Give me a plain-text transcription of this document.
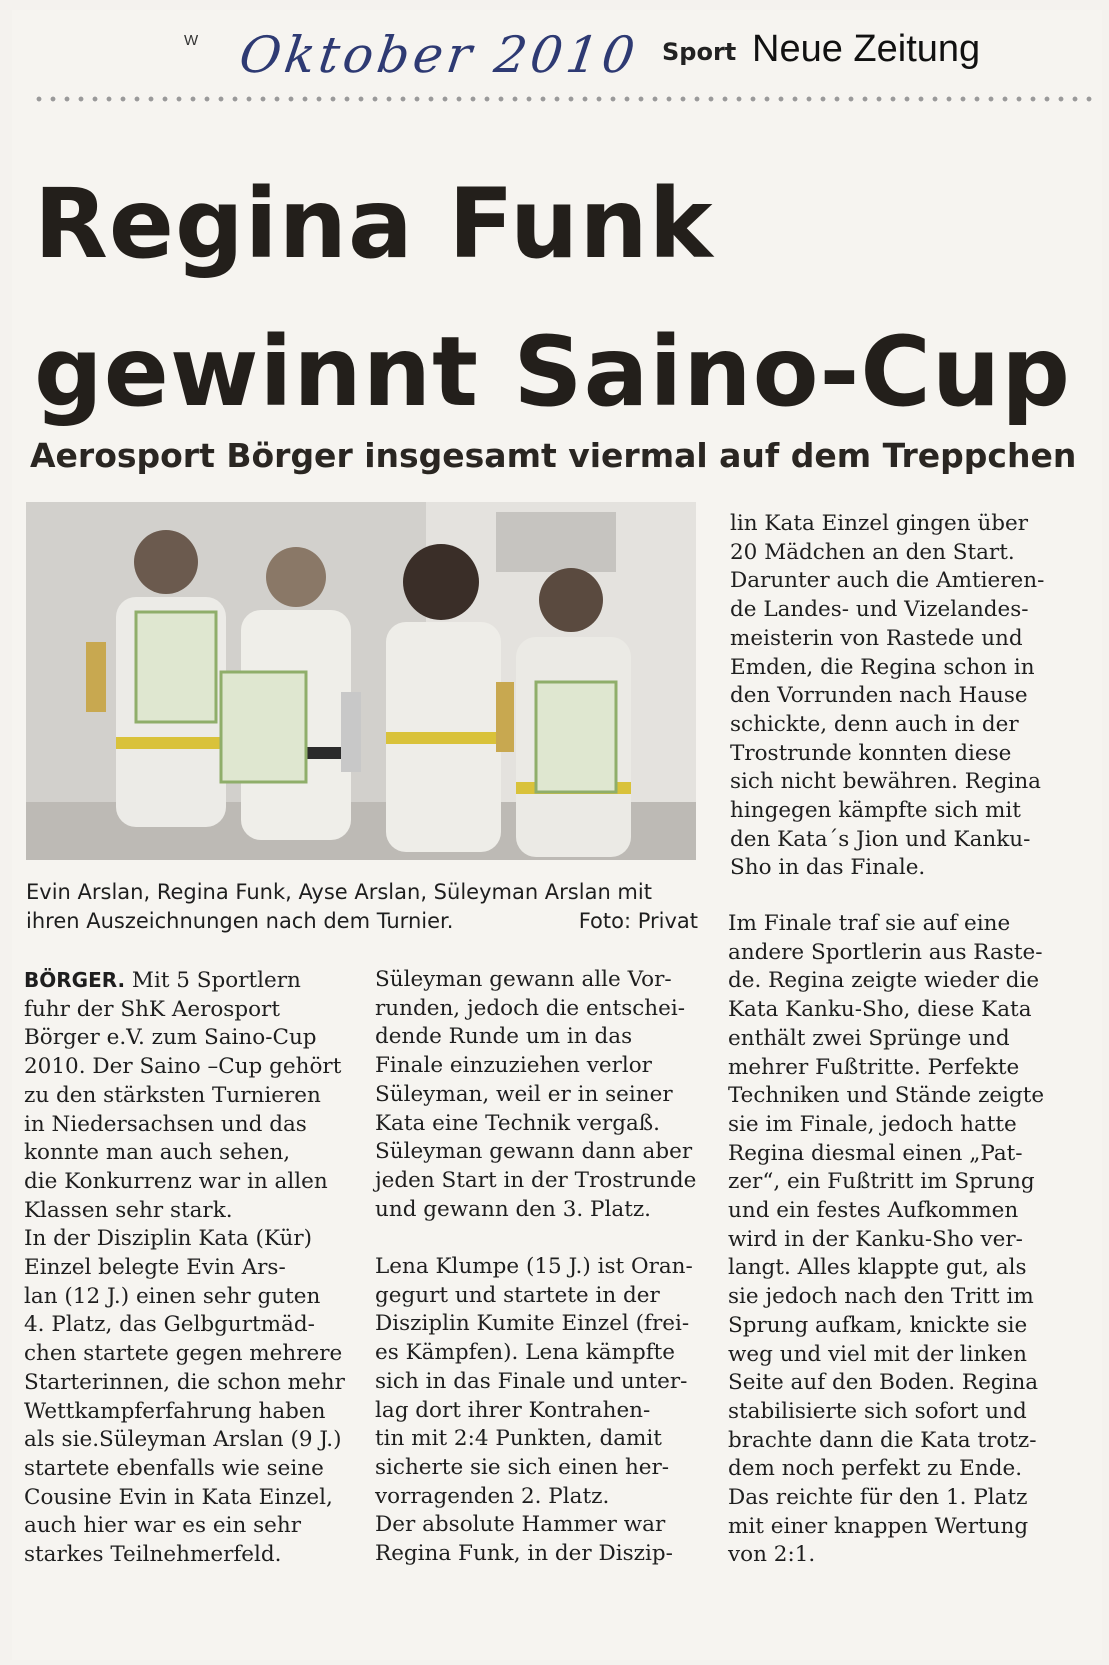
W Oktober 2010 Sport Neue Zeitung
Regina Funk gewinnt Saino-Cup
Aerosport Börger insgesamt viermal auf dem Treppchen

Evin Arslan, Regina Funk, Ayse Arslan, Süleyman Arslan mit ihren Auszeichnungen nach dem Turnier.	Foto: Privat

BÖRGER. Mit 5 Sportlern
fuhr der ShK Aerosport
Börger e.V. zum Saino-Cup
2010. Der Saino –Cup gehört
zu den stärksten Turnieren
in Niedersachsen und das
konnte man auch sehen,
die Konkurrenz war in allen
Klassen sehr stark.
In der Disziplin Kata (Kür)
Einzel belegte Evin Ars-
lan (12 J.) einen sehr guten
4. Platz, das Gelbgurtmäd-
chen startete gegen mehrere
Starterinnen, die schon mehr
Wettkampferfahrung haben
als sie.Süleyman Arslan (9 J.)
startete ebenfalls wie seine
Cousine Evin in Kata Einzel,
auch hier war es ein sehr
starkes Teilnehmerfeld.

Süleyman gewann alle Vor-
runden, jedoch die entschei-
dende Runde um in das
Finale einzuziehen verlor
Süleyman, weil er in seiner
Kata eine Technik vergaß.
Süleyman gewann dann aber
jeden Start in der Trostrunde
und gewann den 3. Platz.

Lena Klumpe (15 J.) ist Oran-
gegurt und startete in der
Disziplin Kumite Einzel (frei-
es Kämpfen). Lena kämpfte
sich in das Finale und unter-
lag dort ihrer Kontrahen-
tin mit 2:4 Punkten, damit
sicherte sie sich einen her-
vorragenden 2. Platz.
Der absolute Hammer war
Regina Funk, in der Diszip-

lin Kata Einzel gingen über
20 Mädchen an den Start.
Darunter auch die Amtieren-
de Landes- und Vizelandes-
meisterin von Rastede und
Emden, die Regina schon in
den Vorrunden nach Hause
schickte, denn auch in der
Trostrunde konnten diese
sich nicht bewähren. Regina
hingegen kämpfte sich mit
den Kata´s Jion und Kanku-
Sho in das Finale.

Im Finale traf sie auf eine
andere Sportlerin aus Raste-
de. Regina zeigte wieder die
Kata Kanku-Sho, diese Kata
enthält zwei Sprünge und
mehrer Fußtritte. Perfekte
Techniken und Stände zeigte
sie im Finale, jedoch hatte
Regina diesmal einen „Pat-
zer“, ein Fußtritt im Sprung
und ein festes Aufkommen
wird in der Kanku-Sho ver-
langt. Alles klappte gut, als
sie jedoch nach den Tritt im
Sprung aufkam, knickte sie
weg und viel mit der linken
Seite auf den Boden. Regina
stabilisierte sich sofort und
brachte dann die Kata trotz-
dem noch perfekt zu Ende.
Das reichte für den 1. Platz
mit einer knappen Wertung
von 2:1.
